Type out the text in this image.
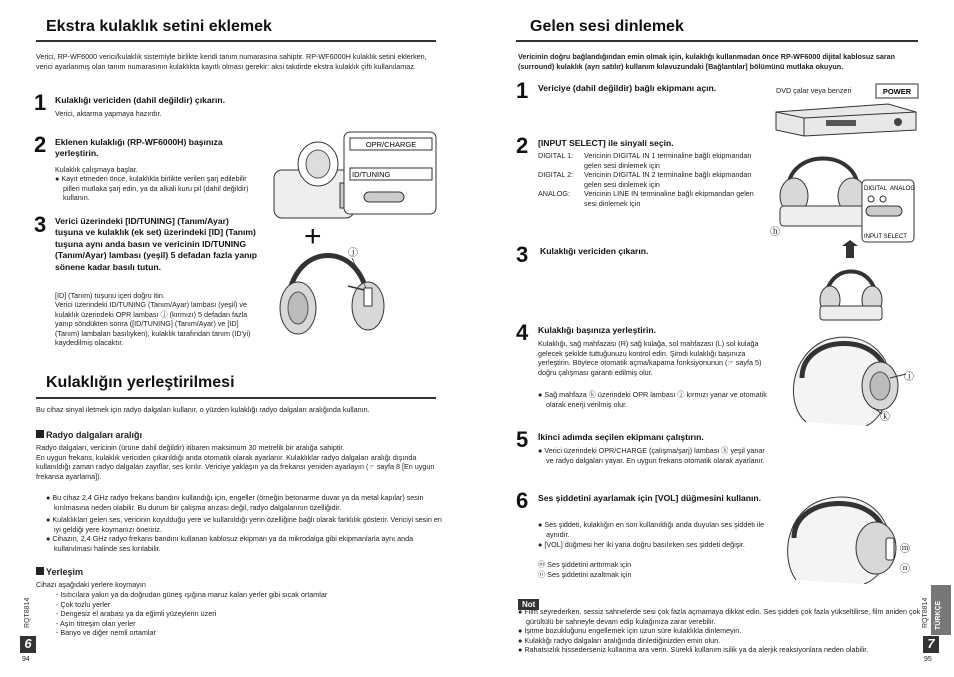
Ekstra kulaklık setini eklemek
Verici, RP-WF6000 verici/kulaklık sistemiyle birlikte kendi tanım numarasına sahiptir. RP-WF6000H kulaklık setini eklerken, verici ayarlanmış olan tanım numarasının kulaklıkta kayıtlı olması gerekir: aksi takdirde ekstra kulaklık çifti kullanılamaz.
1 Kulaklığı vericiden (dahil değildir) çıkarın.
Verici, aktarma yapmaya hazırdır.
2 Eklenen kulaklığı (RP-WF6000H) başınıza yerleştirin.
Kulaklık çalışmaya başlar.
● Kayıt etmeden önce, kulaklıkla birlikte verilen şarj edilebilir pilleri mutlaka şarj edin, ya da alkali kuru pil (dahil değildir) kullanın.
3 Verici üzerindeki [ID/TUNING] (Tanım/Ayar) tuşuna ve kulaklık (ek set) üzerindeki [ID] (Tanım) tuşuna aynı anda basın ve vericinin ID/TUNING (Tanım/Ayar) lambası (yeşil) 5 defadan fazla yanıp sönene kadar basılı tutun.
[ID] (Tanım) tuşunu içeri doğru itin.
Verici üzerindeki ID/TUNING (Tanım/Ayar) lambası (yeşil) ve kulaklık üzerindeki OPR lambası ⓙ (kırmızı) 5 defadan fazla yanıp söndükten sonra ([ID/TUNING] (Tanım/Ayar) ve [ID] (Tanım) lambaları basılıyken), kulaklık tarafından tanım (ID'yi) kaydedilmiş olacaktır.
OPR/CHARGE
ID/TUNING
+
ⓙ
Kulaklığın yerleştirilmesi
Bu cihaz sinyal iletmek için radyo dalgaları kullanır, o yüzden kulaklığı radyo dalgaları aralığında kullanın.
Radyo dalgaları aralığı
Radyo dalgaları, vericinin (ürüne dahil değildir) itibaren maksimum 30 metrelik bir aralığa sahiptir.
En uygun frekans, kulaklık vericiden çıkarıldığı anda otomatik olarak ayarlanır. Kulaklıklar radyo dalgaları aralığı dışında kullanıldığı zaman radyo dalgaları zayıflar, ses kırılır. Vericiye yaklaşın ya da frekansı yeniden ayarlayın (☞ sayfa 8 [En uygun frekansa ayarlama]).
● Bu cihaz 2,4 GHz radyo frekans bandını kullandığı için, engeller (örneğin betonarme duvar ya da metal kapılar) sesin kırılmasına neden olabilir. Bu durum bir çalışma arızası değil, radyo dalgalarının özelliğidir.
● Kulaklıkları gelen ses, vericinin koyulduğu yere ve kullanıldığı yerin özelliğine bağlı olarak farklılık gösterir. Vericiyi sesin en iyi geldiği yere koymanızı öneririz.
● Cihazın, 2,4 GHz radyo frekans bandını kullanan kablosuz ekipman ya da mikrodalga gibi ekipmanlarla aynı anda kullanılması halinde ses kırılabilir.
Yerleşim
Cihazı aşağıdaki yerlere koymayın
- Isıtıcılara yakın ya da doğrudan güneş ışığına maruz kalan yerler gibi sıcak ortamlar
- Çok tozlu yerler
- Dengesiz el arabası ya da eğimli yüzeylerin üzeri
- Aşırı titreşim olan yerler
- Banyo ve diğer nemli ortamlar
RQT8814
6
94
Gelen sesi dinlemek
Vericinin doğru bağlandığından emin olmak için, kulaklığı kullanmadan önce RP-WF6000 dijital kablosuz saran (surround) kulaklık (ayrı satılır) kullanım kılavuzundaki [Bağlantılar] bölümünü mutlaka okuyun.
1 Vericiye (dahil değildir) bağlı ekipmanı açın.	DVD çalar veya benzeri	POWER
2 [INPUT SELECT] ile sinyali seçin.
DIGITAL 1:	Vericinin DIGITAL IN 1 terminaline bağlı ekipmandan gelen sesi dinlemek için
DIGITAL 2:	Vericinin DIGITAL IN 2 terminaline bağlı ekipmandan gelen sesi dinlemek için
ANALOG:	Vericinin LINE IN terminaline bağlı ekipmandan gelen sesi dinlemek için
DIGITAL ANALOG
INPUT SELECT
ⓗ
3 Kulaklığı vericiden çıkarın.
4 Kulaklığı başınıza yerleştirin.
Kulaklığı, sağ mahfazası (R) sağ kulağa, sol mahfazası (L) sol kulağa gelecek şekilde tuttuğunuzu kontrol edin. Şimdi kulaklığı başınıza yerleştirin. Böylece otomatik açma/kapama fonksiyonunun (☞ sayfa 5) doğru çalışması garanti edilmiş olur.
● Sağ mahfaza ⓚ üzerindeki OPR lambası ⓙ kırmızı yanar ve otomatik olarak enerji verilmiş olur.
ⓙ
ⓚ
5 İkinci adımda seçilen ekipmanı çalıştırın.
● Verici üzerindeki OPR/CHARGE (çalışma/şarj) lambası ⓗ yeşil yanar ve radyo dalgaları yayar. En uygun frekans otomatik olarak ayarlanır.
6 Ses şiddetini ayarlamak için [VOL] düğmesini kullanın.
● Ses şiddeti, kulaklığın en son kullanıldığı anda duyulan ses şiddeti ile aynıdır.
● [VOL] düğmesi her iki yana doğru basılırken ses şiddeti değişir.
ⓜ Ses şiddetini arttırmak için
ⓝ Ses şiddetini azaltmak için
ⓜ
ⓝ
Not
● Film seyrederken, sessiz sahnelerde sesi çok fazla açmamaya dikkat edin. Ses şiddeti çok fazla yükseltilirse, film aniden çok gürültülü bir sahneyle devam edip kulağınıza zarar verebilir.
● İşitme bozukluğunu engellemek için uzun süre kulaklıkla dinlemeyin.
● Kulaklığı radyo dalgaları aralığında dinlediğinizden emin olun.
● Rahatsızlık hissederseniz kullanma ara verin. Sürekli kullanım isilik ya da alerjik reaksiyonlara neden olabilir.
TÜRKÇE
RQT8814
7
95
